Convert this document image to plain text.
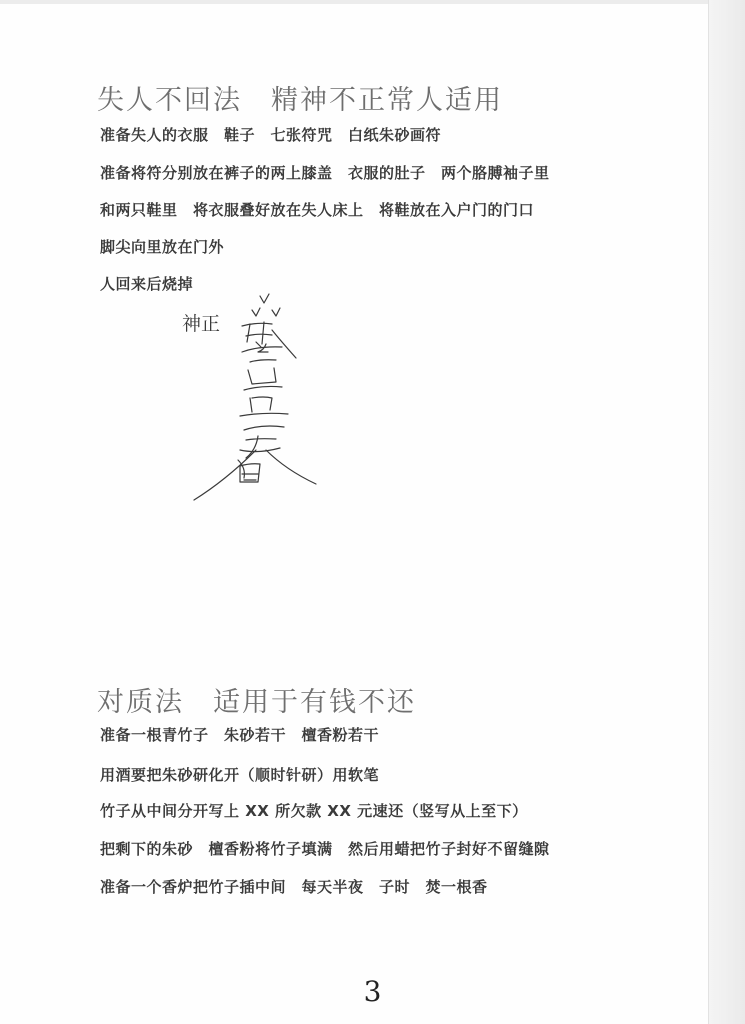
失人不回法　精神不正常人适用
准备失人的衣服　鞋子　七张符咒　白纸朱砂画符
准备将符分别放在裤子的两上膝盖　衣服的肚子　两个胳膊袖子里
和两只鞋里　将衣服叠好放在失人床上　将鞋放在入户门的门口
脚尖向里放在门外
人回来后烧掉
神正
对质法　适用于有钱不还
准备一根青竹子　朱砂若干　檀香粉若干
用酒要把朱砂研化开（顺时针研）用软笔
竹子从中间分开写上 XX 所欠款 XX 元速还（竖写从上至下）
把剩下的朱砂　檀香粉将竹子填满　然后用蜡把竹子封好不留缝隙
准备一个香炉把竹子插中间　每天半夜　子时　焚一根香
3
